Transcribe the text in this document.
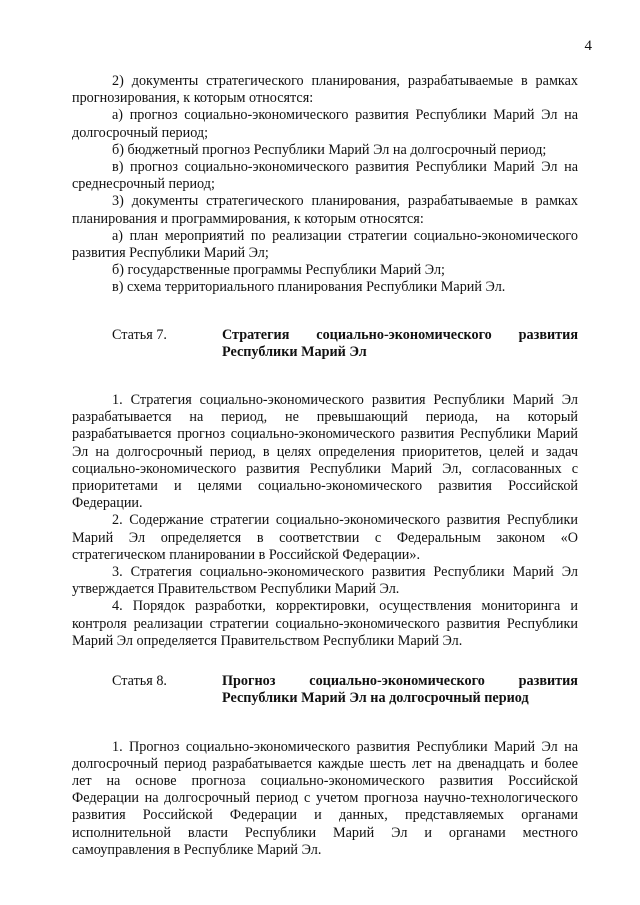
4

2) документы стратегического планирования, разрабатываемые в рамках прогнозирования, к которым относятся:

а) прогноз социально-экономического развития Республики Марий Эл на долгосрочный период;

б) бюджетный прогноз Республики Марий Эл на долгосрочный период;

в) прогноз социально-экономического развития Республики Марий Эл на среднесрочный период;

3) документы стратегического планирования, разрабатываемые в рамках планирования и программирования, к которым относятся:

а) план мероприятий по реализации стратегии социально-экономического развития Республики Марий Эл;

б) государственные программы Республики Марий Эл;

в) схема территориального планирования Республики Марий Эл.

Статья 7.	Стратегия социально-экономического развития Республики Марий Эл

1. Стратегия социально-экономического развития Республики Марий Эл разрабатывается на период, не превышающий периода, на который разрабатывается прогноз социально-экономического развития Республики Марий Эл на долгосрочный период, в целях определения приоритетов, целей и задач социально-экономического развития Республики Марий Эл, согласованных с приоритетами и целями социально-экономического развития Российской Федерации.

2. Содержание стратегии социально-экономического развития Республики Марий Эл определяется в соответствии с Федеральным законом «О стратегическом планировании в Российской Федерации».

3. Стратегия социально-экономического развития Республики Марий Эл утверждается Правительством Республики Марий Эл.

4. Порядок разработки, корректировки, осуществления мониторинга и контроля реализации стратегии социально-экономического развития Республики Марий Эл определяется Правительством Республики Марий Эл.

Статья 8.	Прогноз социально-экономического развития Республики Марий Эл на долгосрочный период

1. Прогноз социально-экономического развития Республики Марий Эл на долгосрочный период разрабатывается каждые шесть лет на двенадцать и более лет на основе прогноза социально-экономического развития Российской Федерации на долгосрочный период с учетом прогноза научно-технологического развития Российской Федерации и данных, представляемых органами исполнительной власти Республики Марий Эл и органами местного самоуправления в Республике Марий Эл.
